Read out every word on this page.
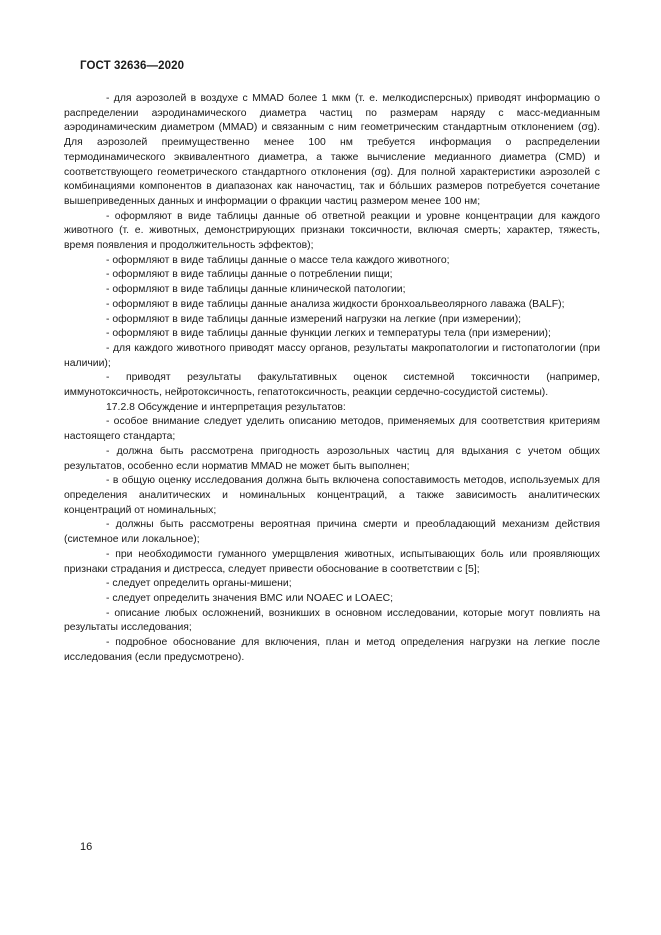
ГОСТ 32636—2020

- для аэрозолей в воздухе с MMAD более 1 мкм (т. е. мелкодисперсных) приводят информацию о распределении аэродинамического диаметра частиц по размерам наряду с масс-медианным аэродинамическим диаметром (MMAD) и связанным с ним геометрическим стандартным отклонением (σg). Для аэрозолей преимущественно менее 100 нм требуется информация о распределении термодинамического эквивалентного диаметра, а также вычисление медианного диаметра (CMD) и соответствующего геометрического стандартного отклонения (σg). Для полной характеристики аэрозолей с комбинациями компонентов в диапазонах как наночастиц, так и бóльших размеров потребуется сочетание вышеприведенных данных и информации о фракции частиц размером менее 100 нм;

- оформляют в виде таблицы данные об ответной реакции и уровне концентрации для каждого животного (т. е. животных, демонстрирующих признаки токсичности, включая смерть; характер, тяжесть, время появления и продолжительность эффектов);

- оформляют в виде таблицы данные о массе тела каждого животного;

- оформляют в виде таблицы данные о потреблении пищи;

- оформляют в виде таблицы данные клинической патологии;

- оформляют в виде таблицы данные анализа жидкости бронхоальвеолярного лаважа (BALF);

- оформляют в виде таблицы данные измерений нагрузки на легкие (при измерении);

- оформляют в виде таблицы данные функции легких и температуры тела (при измерении);

- для каждого животного приводят массу органов, результаты макропатологии и гистопатологии (при наличии);

- приводят результаты факультативных оценок системной токсичности (например, иммунотоксичность, нейротоксичность, гепатотоксичность, реакции сердечно-сосудистой системы).

17.2.8 Обсуждение и интерпретация результатов:

- особое внимание следует уделить описанию методов, применяемых для соответствия критериям настоящего стандарта;

- должна быть рассмотрена пригодность аэрозольных частиц для вдыхания с учетом общих результатов, особенно если норматив MMAD не может быть выполнен;

- в общую оценку исследования должна быть включена сопоставимость методов, используемых для определения аналитических и номинальных концентраций, а также зависимость аналитических концентраций от номинальных;

- должны быть рассмотрены вероятная причина смерти и преобладающий механизм действия (системное или локальное);

- при необходимости гуманного умерщвления животных, испытывающих боль или проявляющих признаки страдания и дистресса, следует привести обоснование в соответствии с [5];

- следует определить органы-мишени;

- следует определить значения BMC или NOAEC и LOAEC;

- описание любых осложнений, возникших в основном исследовании, которые могут повлиять на результаты исследования;

- подробное обоснование для включения, план и метод определения нагрузки на легкие после исследования (если предусмотрено).

16
